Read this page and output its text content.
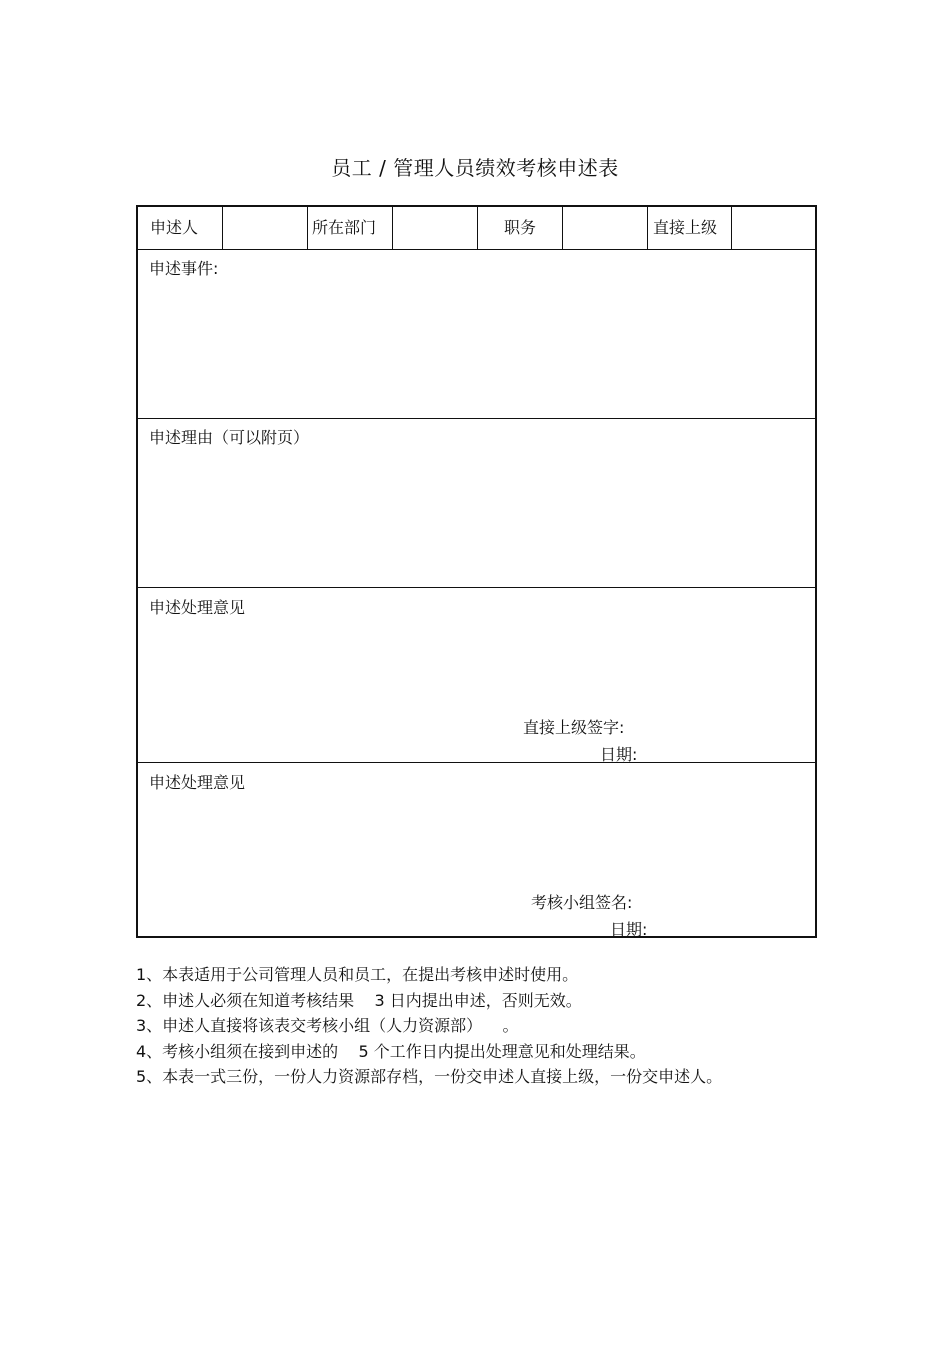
员工 / 管理人员绩效考核申述表
申述人	所在部门	职务	直接上级
申述事件:
申述理由（可以附页）
申述处理意见
直接上级签字:
日期:
申述处理意见
考核小组签名:
日期:
1、本表适用于公司管理人员和员工，在提出考核申述时使用。
2、申述人必须在知道考核结果    3 日内提出申述，否则无效。
3、申述人直接将该表交考核小组（人力资源部）    。
4、考核小组须在接到申述的    5 个工作日内提出处理意见和处理结果。
5、本表一式三份，一份人力资源部存档，一份交申述人直接上级，一份交申述人。
